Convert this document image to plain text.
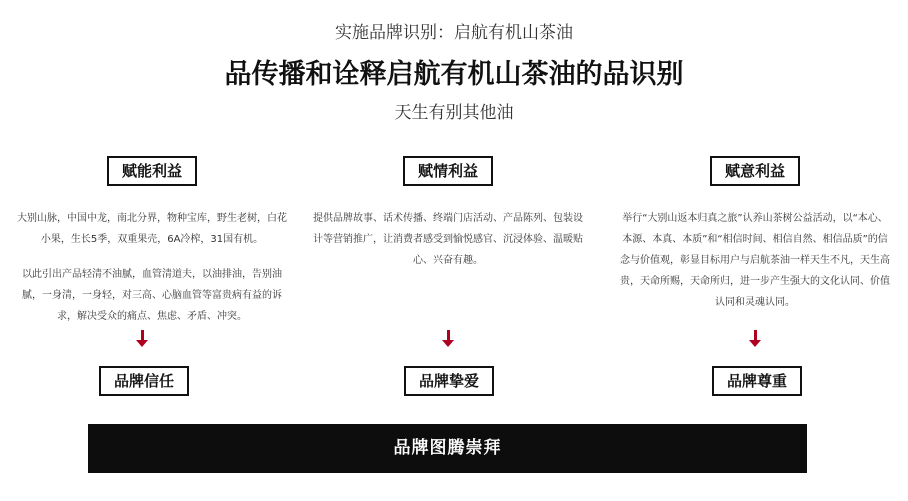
实施品牌识别：启航有机山茶油
品传播和诠释启航有机山茶油的品识别
天生有别其他油
赋能利益

大别山脉，中国中龙，南北分界，物种宝库，野生老树，白花小果，生长5季，双重果壳，6A冷榨，31国有机。

以此引出产品轻清不油腻，血管清道夫，以油排油，告别油腻，一身清，一身轻，对三高、心脑血管等富贵病有益的诉求，解决受众的痛点、焦虑、矛盾、冲突。

赋情利益

提供品牌故事、话术传播、终端门店活动、产品陈列、包装设计等营销推广，让消费者感受到愉悦感官、沉浸体验、温暖贴心、兴奋有趣。

赋意利益

举行“大别山返本归真之旅”认养山茶树公益活动，以“本心、本源、本真、本质”和“相信时间、相信自然、相信品质”的信念与价值观，彰显目标用户与启航茶油一样天生不凡，天生高贵，天命所赐，天命所归，进一步产生强大的文化认同、价值认同和灵魂认同。

品牌信任	品牌挚爱	品牌尊重
品牌图腾崇拜
